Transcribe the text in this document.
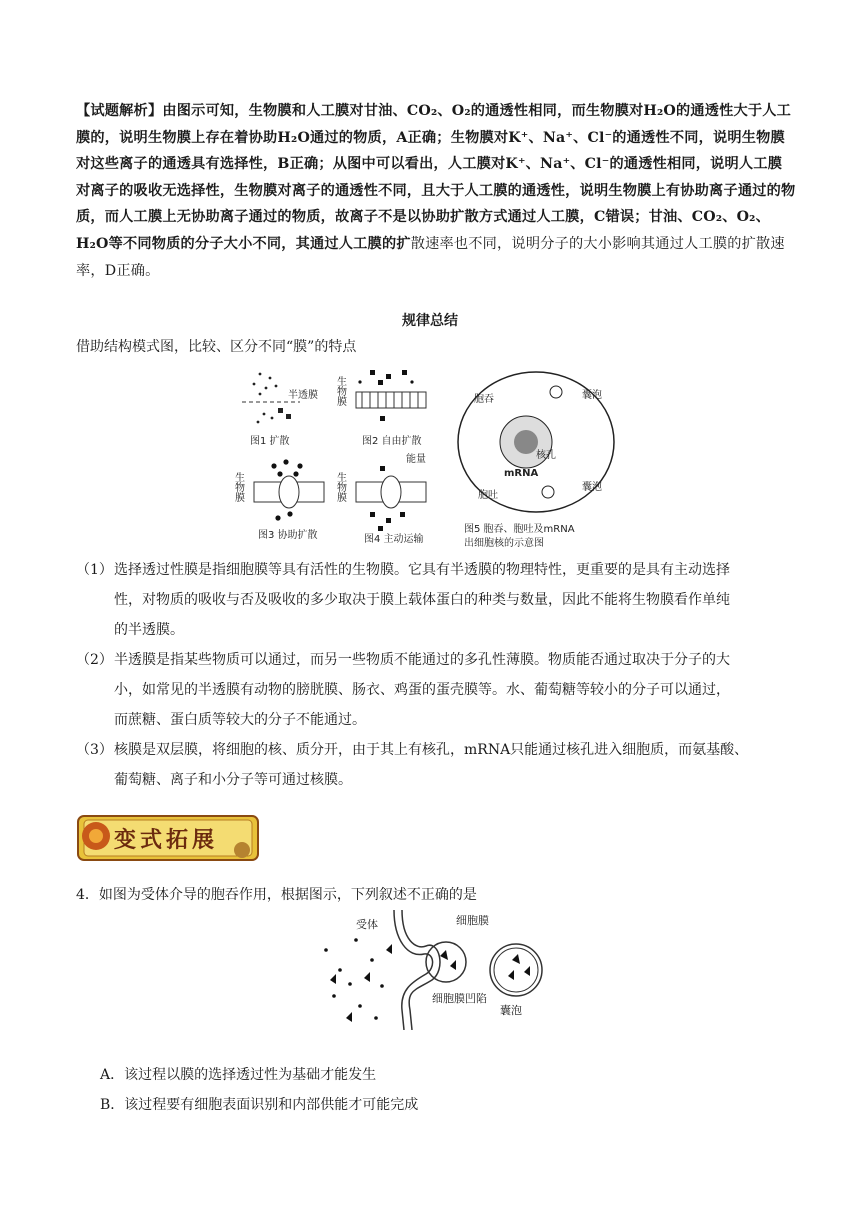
【试题解析】由图示可知，生物膜和人工膜对甘油、CO₂、O₂的通透性相同，而生物膜对H₂O的通透性大于人工膜的，说明生物膜上存在着协助H₂O通过的物质，A正确；生物膜对K⁺、Na⁺、Cl⁻的通透性不同，说明生物膜对这些离子的通透具有选择性，B正确；从图中可以看出，人工膜对K⁺、Na⁺、Cl⁻的通透性相同，说明人工膜对离子的吸收无选择性，生物膜对离子的通透性不同，且大于人工膜的通透性，说明生物膜上有协助离子通过的物质，而人工膜上无协助离子通过的物质，故离子不是以协助扩散方式通过人工膜，C错误；甘油、CO₂、O₂、H₂O等不同物质的分子大小不同，其通过人工膜的扩散速率也不同，说明分子的大小影响其通过人工膜的扩散速率，D正确。
规律总结
借助结构模式图，比较、区分不同“膜”的特点
半透膜
图1 扩散
生物膜
图2 自由扩散
生物膜
图3 协助扩散
生物膜
能量
图4 主动运输
胞吞	囊泡
核孔
mRNA
胞吐
囊泡
图5 胞吞、胞吐及mRNA
出细胞核的示意图
（1）选择透过性膜是指细胞膜等具有活性的生物膜。它具有半透膜的物理特性，更重要的是具有主动选择
性，对物质的吸收与否及吸收的多少取决于膜上载体蛋白的种类与数量，因此不能将生物膜看作单纯
的半透膜。
（2）半透膜是指某些物质可以通过，而另一些物质不能通过的多孔性薄膜。物质能否通过取决于分子的大
小，如常见的半透膜有动物的膀胱膜、肠衣、鸡蛋的蛋壳膜等。水、葡萄糖等较小的分子可以通过，
而蔗糖、蛋白质等较大的分子不能通过。
（3）核膜是双层膜，将细胞的核、质分开，由于其上有核孔，mRNA只能通过核孔进入细胞质，而氨基酸、
葡萄糖、离子和小分子等可通过核膜。
变式拓展
4．如图为受体介导的胞吞作用，根据图示，下列叙述不正确的是
受体	细胞膜
细胞膜凹陷
囊泡
A．该过程以膜的选择透过性为基础才能发生
B．该过程要有细胞表面识别和内部供能才可能完成
